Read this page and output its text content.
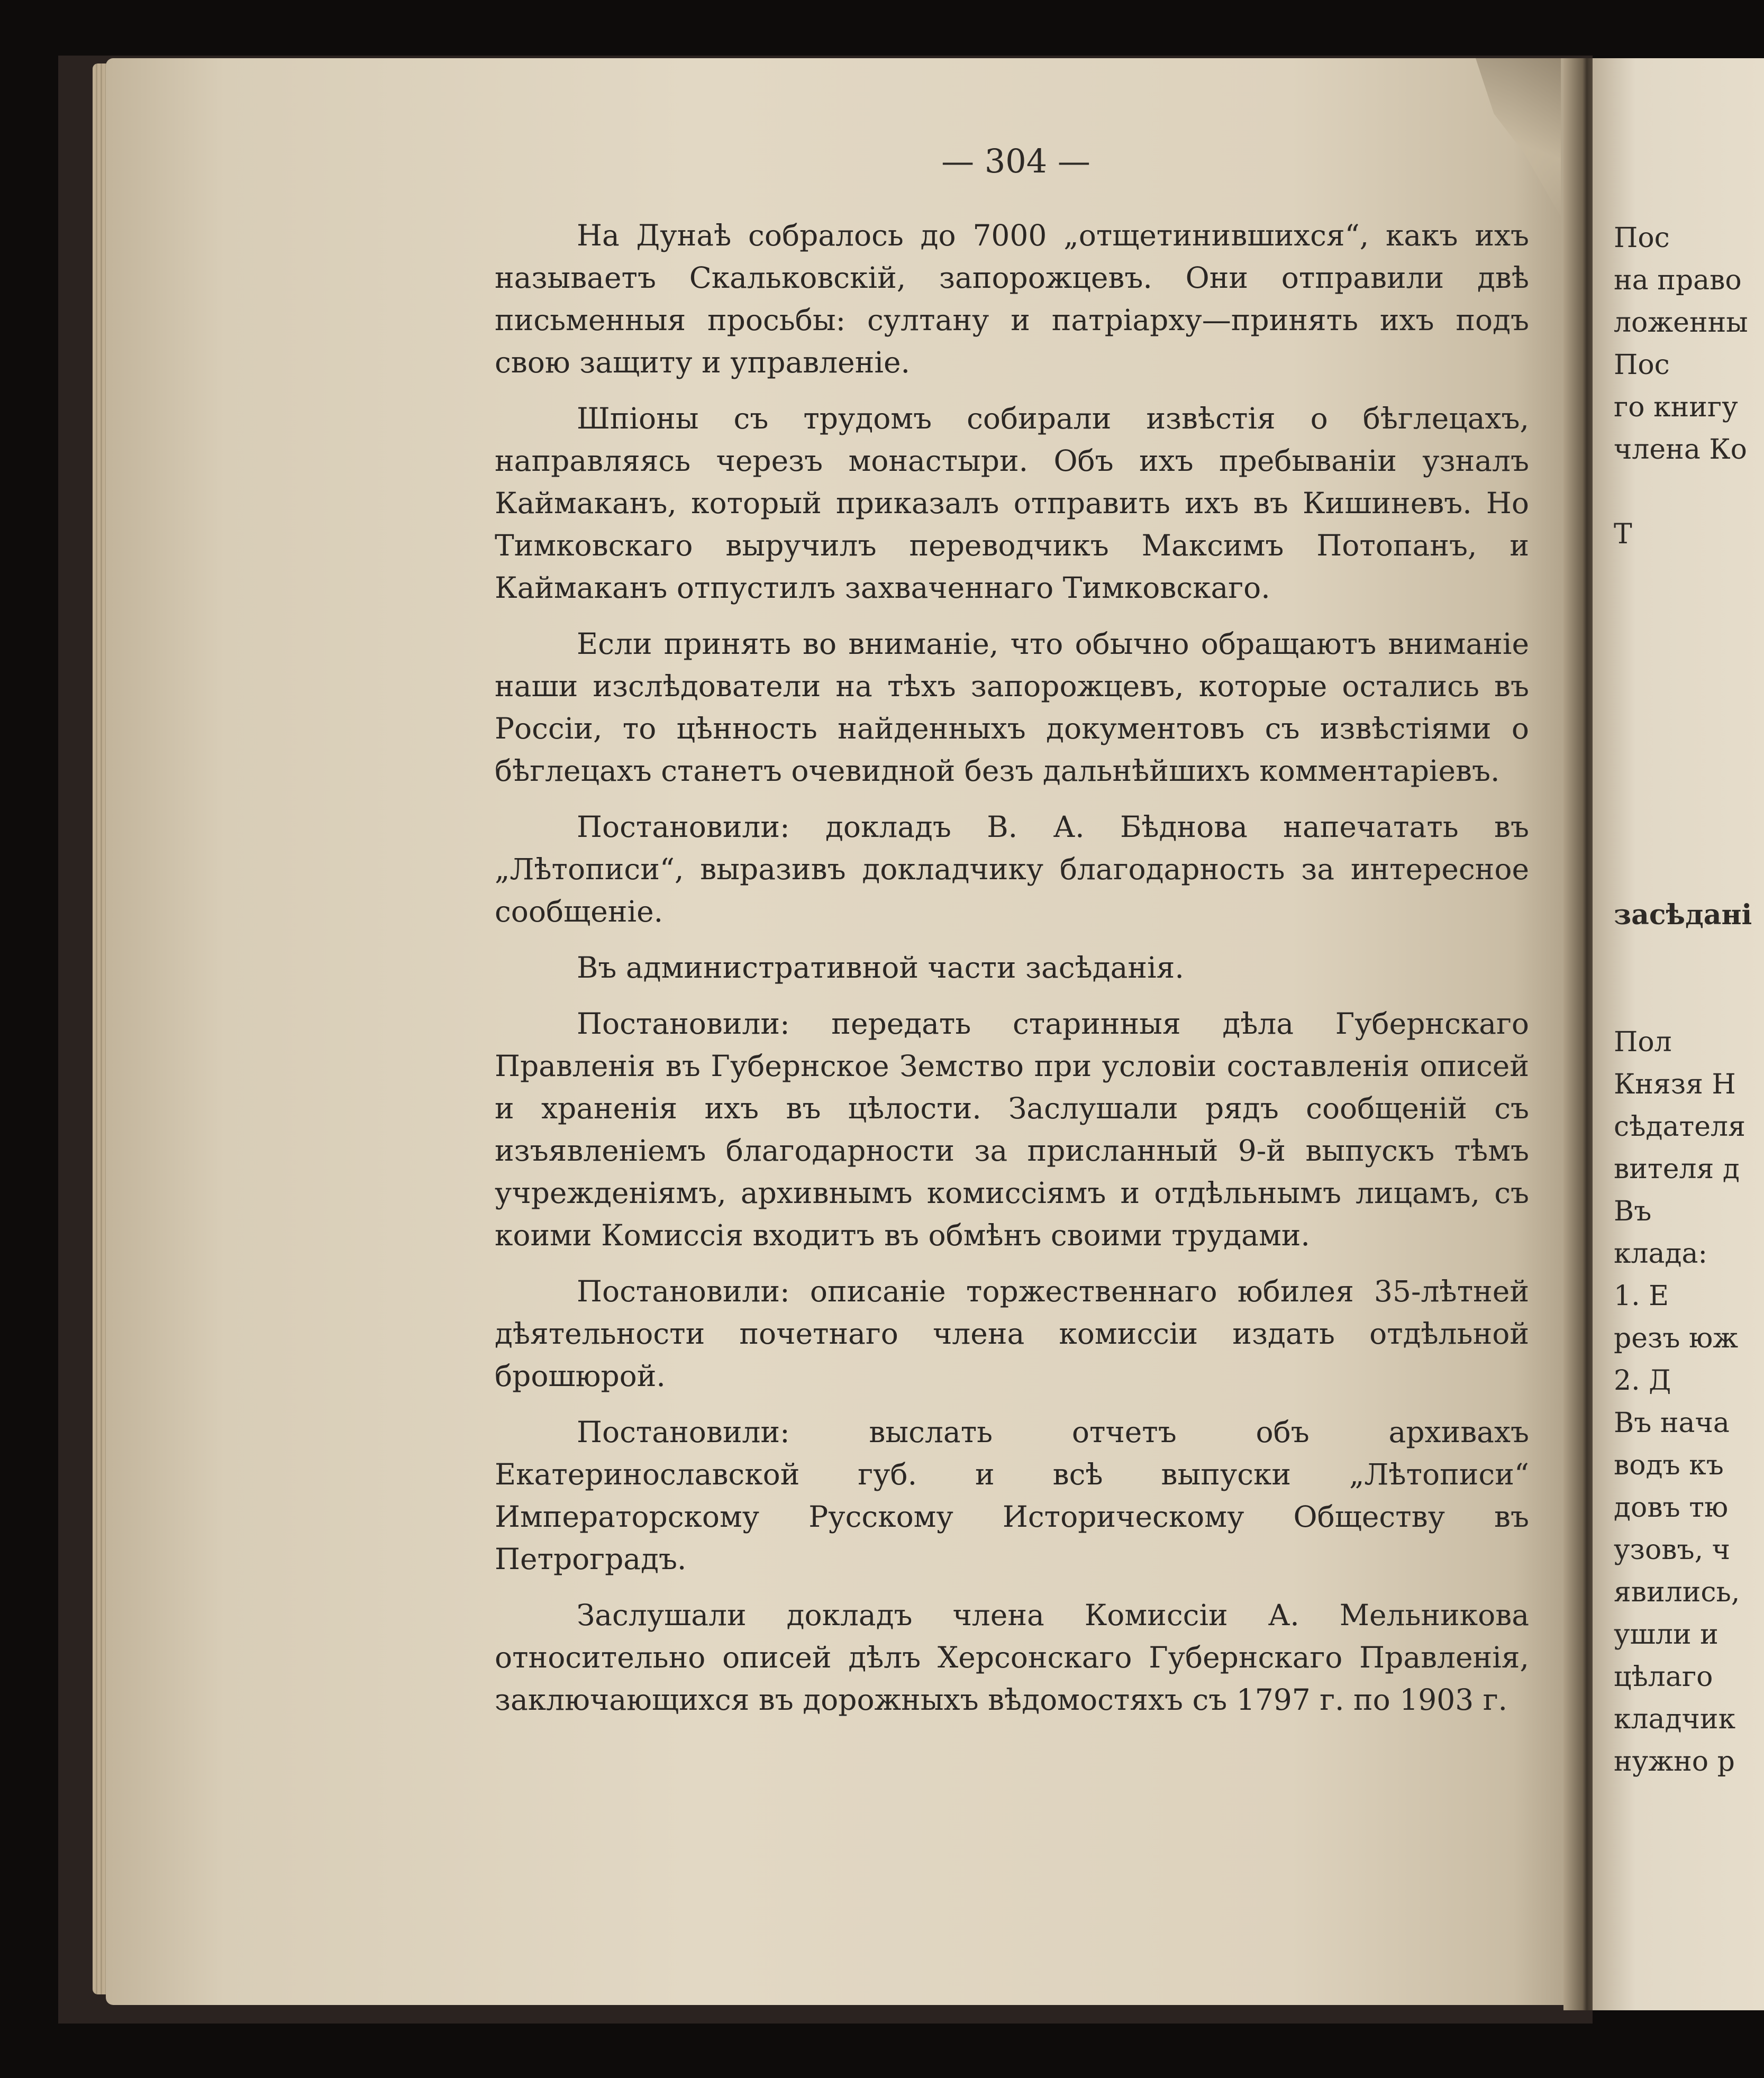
Пос
на право
ложенны
Пос
го книгу
члена Ко
Т
засѣдані
Пол
Князя Н
сѣдателя
вителя д
Въ
клада:
1. Е
резъ юж
2. Д
Въ нача
водъ къ
довъ тю
узовъ, ч
явились,
ушли и
цѣлаго
кладчик
нужно р
— 304 —

На Дунаѣ собралось до 7000 „отщетинившихся“, какъ ихъ называетъ Скальковскій, запорожцевъ. Они отправили двѣ письменныя просьбы: султану и патріарху—принять ихъ подъ свою защиту и управленіе.

Шпіоны съ трудомъ собирали извѣстія о бѣглецахъ, направляясь черезъ монастыри. Объ ихъ пребываніи узналъ Каймаканъ, который приказалъ отправить ихъ въ Кишиневъ. Но Тимковскаго выручилъ переводчикъ Максимъ Потопанъ, и Каймаканъ отпустилъ захваченнаго Тимковскаго.

Если принять во вниманіе, что обычно обращаютъ вниманіе наши изслѣдователи на тѣхъ запорожцевъ, которые остались въ Россіи, то цѣнность найденныхъ документовъ съ извѣстіями о бѣглецахъ станетъ очевидной безъ дальнѣйшихъ комментаріевъ.

Постановили: докладъ В. А. Бѣднова напечатать въ „Лѣтописи“, выразивъ докладчику благодарность за интересное сообщеніе.

Въ административной части засѣданія.

Постановили: передать старинныя дѣла Губернскаго Правленія въ Губернское Земство при условіи составленія описей и храненія ихъ въ цѣлости. Заслушали рядъ сообщеній съ изъявленіемъ благодарности за присланный 9-й выпускъ тѣмъ учрежденіямъ, архивнымъ комиссіямъ и отдѣльнымъ лицамъ, съ коими Комиссія входитъ въ обмѣнъ своими трудами.

Постановили: описаніе торжественнаго юбилея 35-лѣтней дѣятельности почетнаго члена комиссіи издать отдѣльной брошюрой.

Постановили: выслать отчетъ объ архивахъ Екатеринославской губ. и всѣ выпуски „Лѣтописи“ Императорскому Русскому Историческому Обществу въ Петроградъ.

Заслушали докладъ члена Комиссіи А. Мельникова относительно описей дѣлъ Херсонскаго Губернскаго Правленія, заключающихся въ дорожныхъ вѣдомостяхъ съ 1797 г. по 1903 г.
